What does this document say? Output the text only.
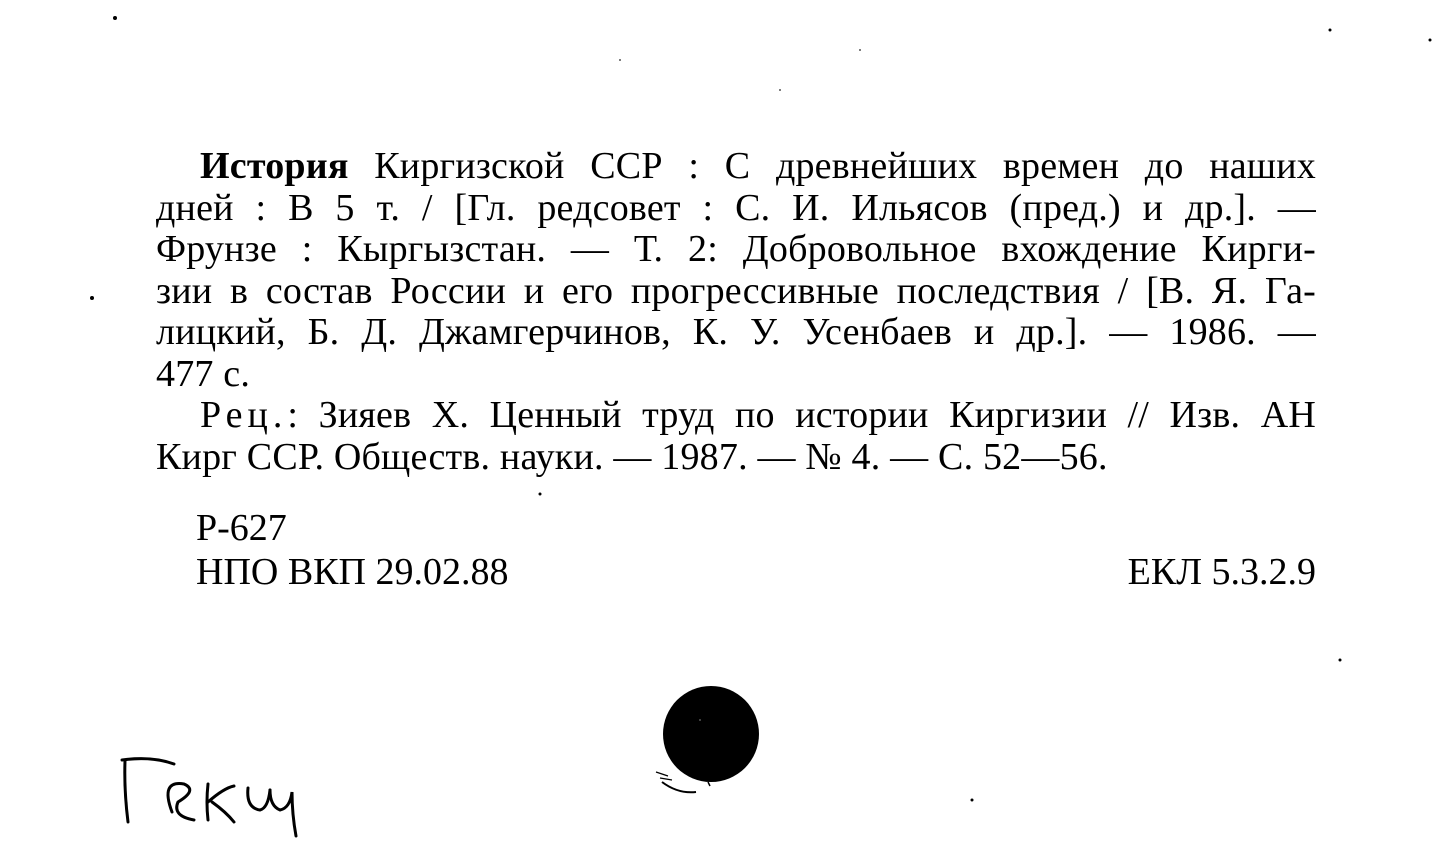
История Киргизской ССР : С древнейших времен до наших
дней : В 5 т. / [Гл. редсовет : С. И. Ильясов (пред.) и др.]. —
Фрунзе : Кыргызстан. — Т. 2: Добровольное вхождение Кирги-
зии в состав России и его прогрессивные последствия / [В. Я. Га-
лицкий, Б. Д. Джамгерчинов, К. У. Усенбаев и др.]. — 1986. —
477 с.
Рец.: Зияев Х. Ценный труд по истории Киргизии // Изв. АН
Кирг ССР. Обществ. науки. — 1987. — № 4. — С. 52—56.
Р-627
НПО ВКП 29.02.88	ЕКЛ 5.3.2.9
